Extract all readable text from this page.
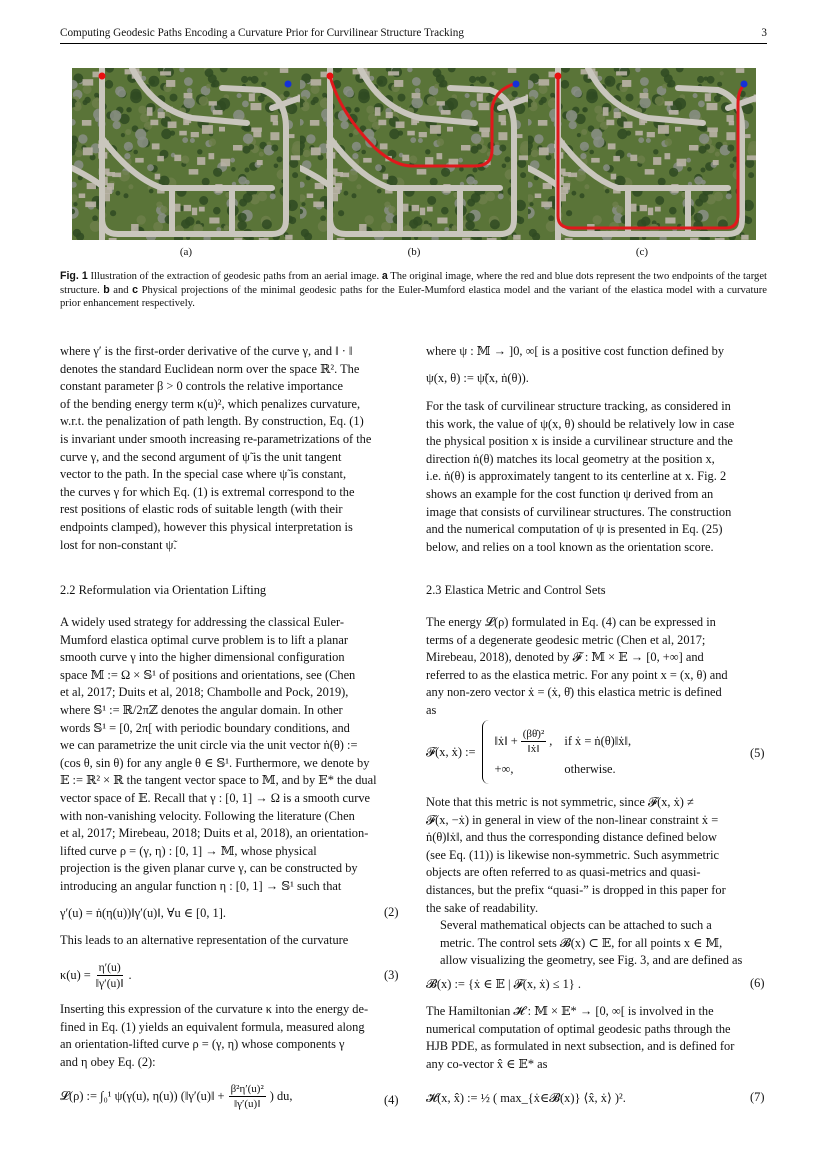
Computing Geodesic Paths Encoding a Curvature Prior for Curvilinear Structure Tracking	3
(a)	(b)	(c)
Fig. 1 Illustration of the extraction of geodesic paths from an aerial image. a The original image, where the red and blue dots represent the two endpoints of the target structure. b and c Physical projections of the minimal geodesic paths for the Euler-Mumford elastica model and the variant of the elastica model with a curvature prior enhancement respectively.

where γ′ is the first-order derivative of the curve γ, and ‖ · ‖
denotes the standard Euclidean norm over the space ℝ². The
constant parameter β > 0 controls the relative importance
of the bending energy term κ(u)², which penalizes curvature,
w.r.t. the penalization of path length. By construction, Eq. (1)
is invariant under smooth increasing re-parametrizations of the
curve γ, and the second argument of ψ̃ is the unit tangent
vector to the path. In the special case where ψ̃ is constant,
the curves γ for which Eq. (1) is extremal correspond to the
rest positions of elastic rods of suitable length (with their
endpoints clamped), however this physical interpretation is
lost for non-constant ψ̃.

2.2 Reformulation via Orientation Lifting

A widely used strategy for addressing the classical Euler-
Mumford elastica optimal curve problem is to lift a planar
smooth curve γ into the higher dimensional configuration
space 𝕄 := Ω × 𝕊¹ of positions and orientations, see (Chen
et al, 2017; Duits et al, 2018; Chambolle and Pock, 2019),
where 𝕊¹ := ℝ/2πℤ denotes the angular domain. In other
words 𝕊¹ = [0, 2π[ with periodic boundary conditions, and
we can parametrize the unit circle via the unit vector ṅ(θ) :=
(cos θ, sin θ) for any angle θ ∈ 𝕊¹. Furthermore, we denote by
𝔼 := ℝ² × ℝ the tangent vector space to 𝕄, and by 𝔼* the dual
vector space of 𝔼. Recall that γ : [0, 1] → Ω is a smooth curve
with non-vanishing velocity. Following the literature (Chen
et al, 2017; Mirebeau, 2018; Duits et al, 2018), an orientation-
lifted curve ρ = (γ, η) : [0, 1] → 𝕄, whose physical
projection is the given planar curve γ, can be constructed by
introducing an angular function η : [0, 1] → 𝕊¹ such that

γ′(u) = ṅ(η(u))‖γ′(u)‖, ∀u ∈ [0, 1].	(2)

This leads to an alternative representation of the curvature

$\kappa(u) = \frac{\eta'(u)}{‖\gamma'(u)‖}$ .	(3)

Inserting this expression of the curvature κ into the energy de-
fined in Eq. (1) yields an equivalent formula, measured along
an orientation-lifted curve ρ = (γ, η) whose components γ
and η obey Eq. (2):

𝓛(ρ) := ∫₀¹ ψ(γ(u), η(u)) (‖γ′(u)‖ + $\frac{\text{β²η′(u)²}}{‖\gamma'(u)‖}$ ) du,	(4)

where ψ : 𝕄 → ]0, ∞[ is a positive cost function defined by

ψ(x, θ) := ψ̃(x, ṅ(θ)).

For the task of curvilinear structure tracking, as considered in
this work, the value of ψ(x, θ) should be relatively low in case
the physical position x is inside a curvilinear structure and the
direction ṅ(θ) matches its local geometry at the position x,
i.e. ṅ(θ) is approximately tangent to its centerline at x. Fig. 2
shows an example for the cost function ψ derived from an
image that consists of curvilinear structures. The construction
and the numerical computation of ψ is presented in Eq. (25)
below, and relies on a tool known as the orientation score.

2.3 Elastica Metric and Control Sets

The energy 𝓛(ρ) formulated in Eq. (4) can be expressed in
terms of a degenerate geodesic metric (Chen et al, 2017;
Mirebeau, 2018), denoted by 𝓕 : 𝕄 × 𝔼 → [0, +∞] and
referred to as the elastica metric. For any point x = (x, θ) and
any non-zero vector ẋ = (ẋ, θ̇) this elastica metric is defined
as

𝓕(x, ẋ) :=
‖ẋ‖ + $\frac{\text{(βθ̇)²}}{\text{‖ẋ‖}}$ , if ẋ = ṅ(θ)‖ẋ‖,
+∞,	otherwise.
(5)

Note that this metric is not symmetric, since 𝓕(x, ẋ) ≠
𝓕(x, −ẋ) in general in view of the non-linear constraint ẋ =
ṅ(θ)‖ẋ‖, and thus the corresponding distance defined below
(see Eq. (11)) is likewise non-symmetric. Such asymmetric
objects are often referred to as quasi-metrics and quasi-
distances, but the prefix “quasi-” is dropped in this paper for
the sake of readability.

Several mathematical objects can be attached to such a
metric. The control sets 𝓑(x) ⊂ 𝔼, for all points x ∈ 𝕄,
allow visualizing the geometry, see Fig. 3, and are defined as

𝓑(x) := {ẋ ∈ 𝔼 | 𝓕(x, ẋ) ≤ 1} .	(6)

The Hamiltonian 𝓗 : 𝕄 × 𝔼* → [0, ∞[ is involved in the
numerical computation of optimal geodesic paths through the
HJB PDE, as formulated in next subsection, and is defined for
any co-vector x̂ ∈ 𝔼* as

𝓗(x, x̂) := ½ ( max_{ẋ∈𝓑(x)} ⟨x̂, ẋ⟩ )².	(7)
